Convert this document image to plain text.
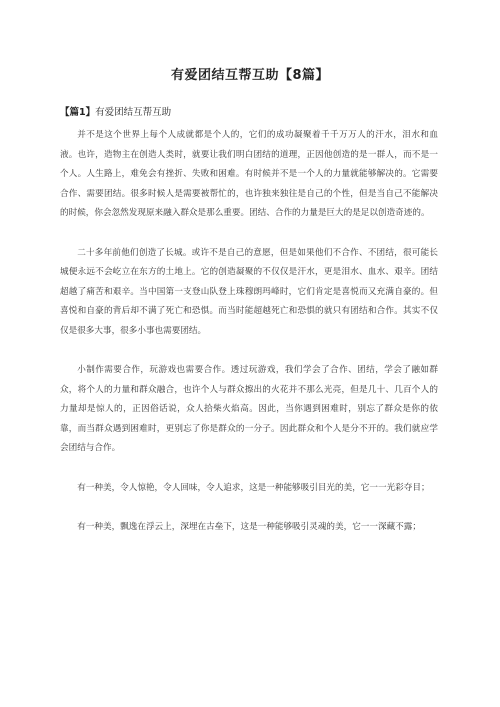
有爱团结互帮互助【8篇】
【篇1】有爱团结互帮互助

并不是这个世界上每个人成就都是个人的，它们的成功凝聚着千千万万人的汗水，泪水和血液。也许，造物主在创造人类时，就要让我们明白团结的道理，正因他创造的是一群人，而不是一个人。人生路上，难免会有挫折、失败和困难。有时候并不是一个人的力量就能够解决的。它需要合作、需要团结。很多时候人是需要被帮忙的，也许独来独往是自己的个性，但是当自己不能解决的时候，你会忽然发现原来融入群众是那么重要。团结、合作的力量是巨大的是足以创造奇迹的。

二十多年前他们创造了长城。或许不是自己的意愿，但是如果他们不合作、不团结，很可能长城便永远不会屹立在东方的土地上。它的创造凝聚的不仅仅是汗水，更是泪水、血水、艰辛。团结超越了痛苦和艰辛。当中国第一支登山队登上珠穆朗玛峰时，它们肯定是喜悦而又充满自豪的。但喜悦和自豪的背后却不满了死亡和恐惧。而当时能超越死亡和恐惧的就只有团结和合作。其实不仅仅是很多大事，很多小事也需要团结。

小制作需要合作，玩游戏也需要合作。透过玩游戏，我们学会了合作、团结，学会了融如群众，将个人的力量和群众融合，也许个人与群众擦出的火花并不那么光亮，但是几十、几百个人的力量却是惊人的，正因俗话说，众人拾柴火焰高。因此，当你遇到困难时，别忘了群众是你的依靠，而当群众遇到困难时，更别忘了你是群众的一分子。因此群众和个人是分不开的。我们就应学会团结与合作。

有一种美，令人惊艳，令人回味，令人追求，这是一种能够吸引目光的美，它一一光彩夺目；

有一种美，飘逸在浮云上，深埋在古垒下，这是一种能够吸引灵魂的美，它一一深藏不露；
